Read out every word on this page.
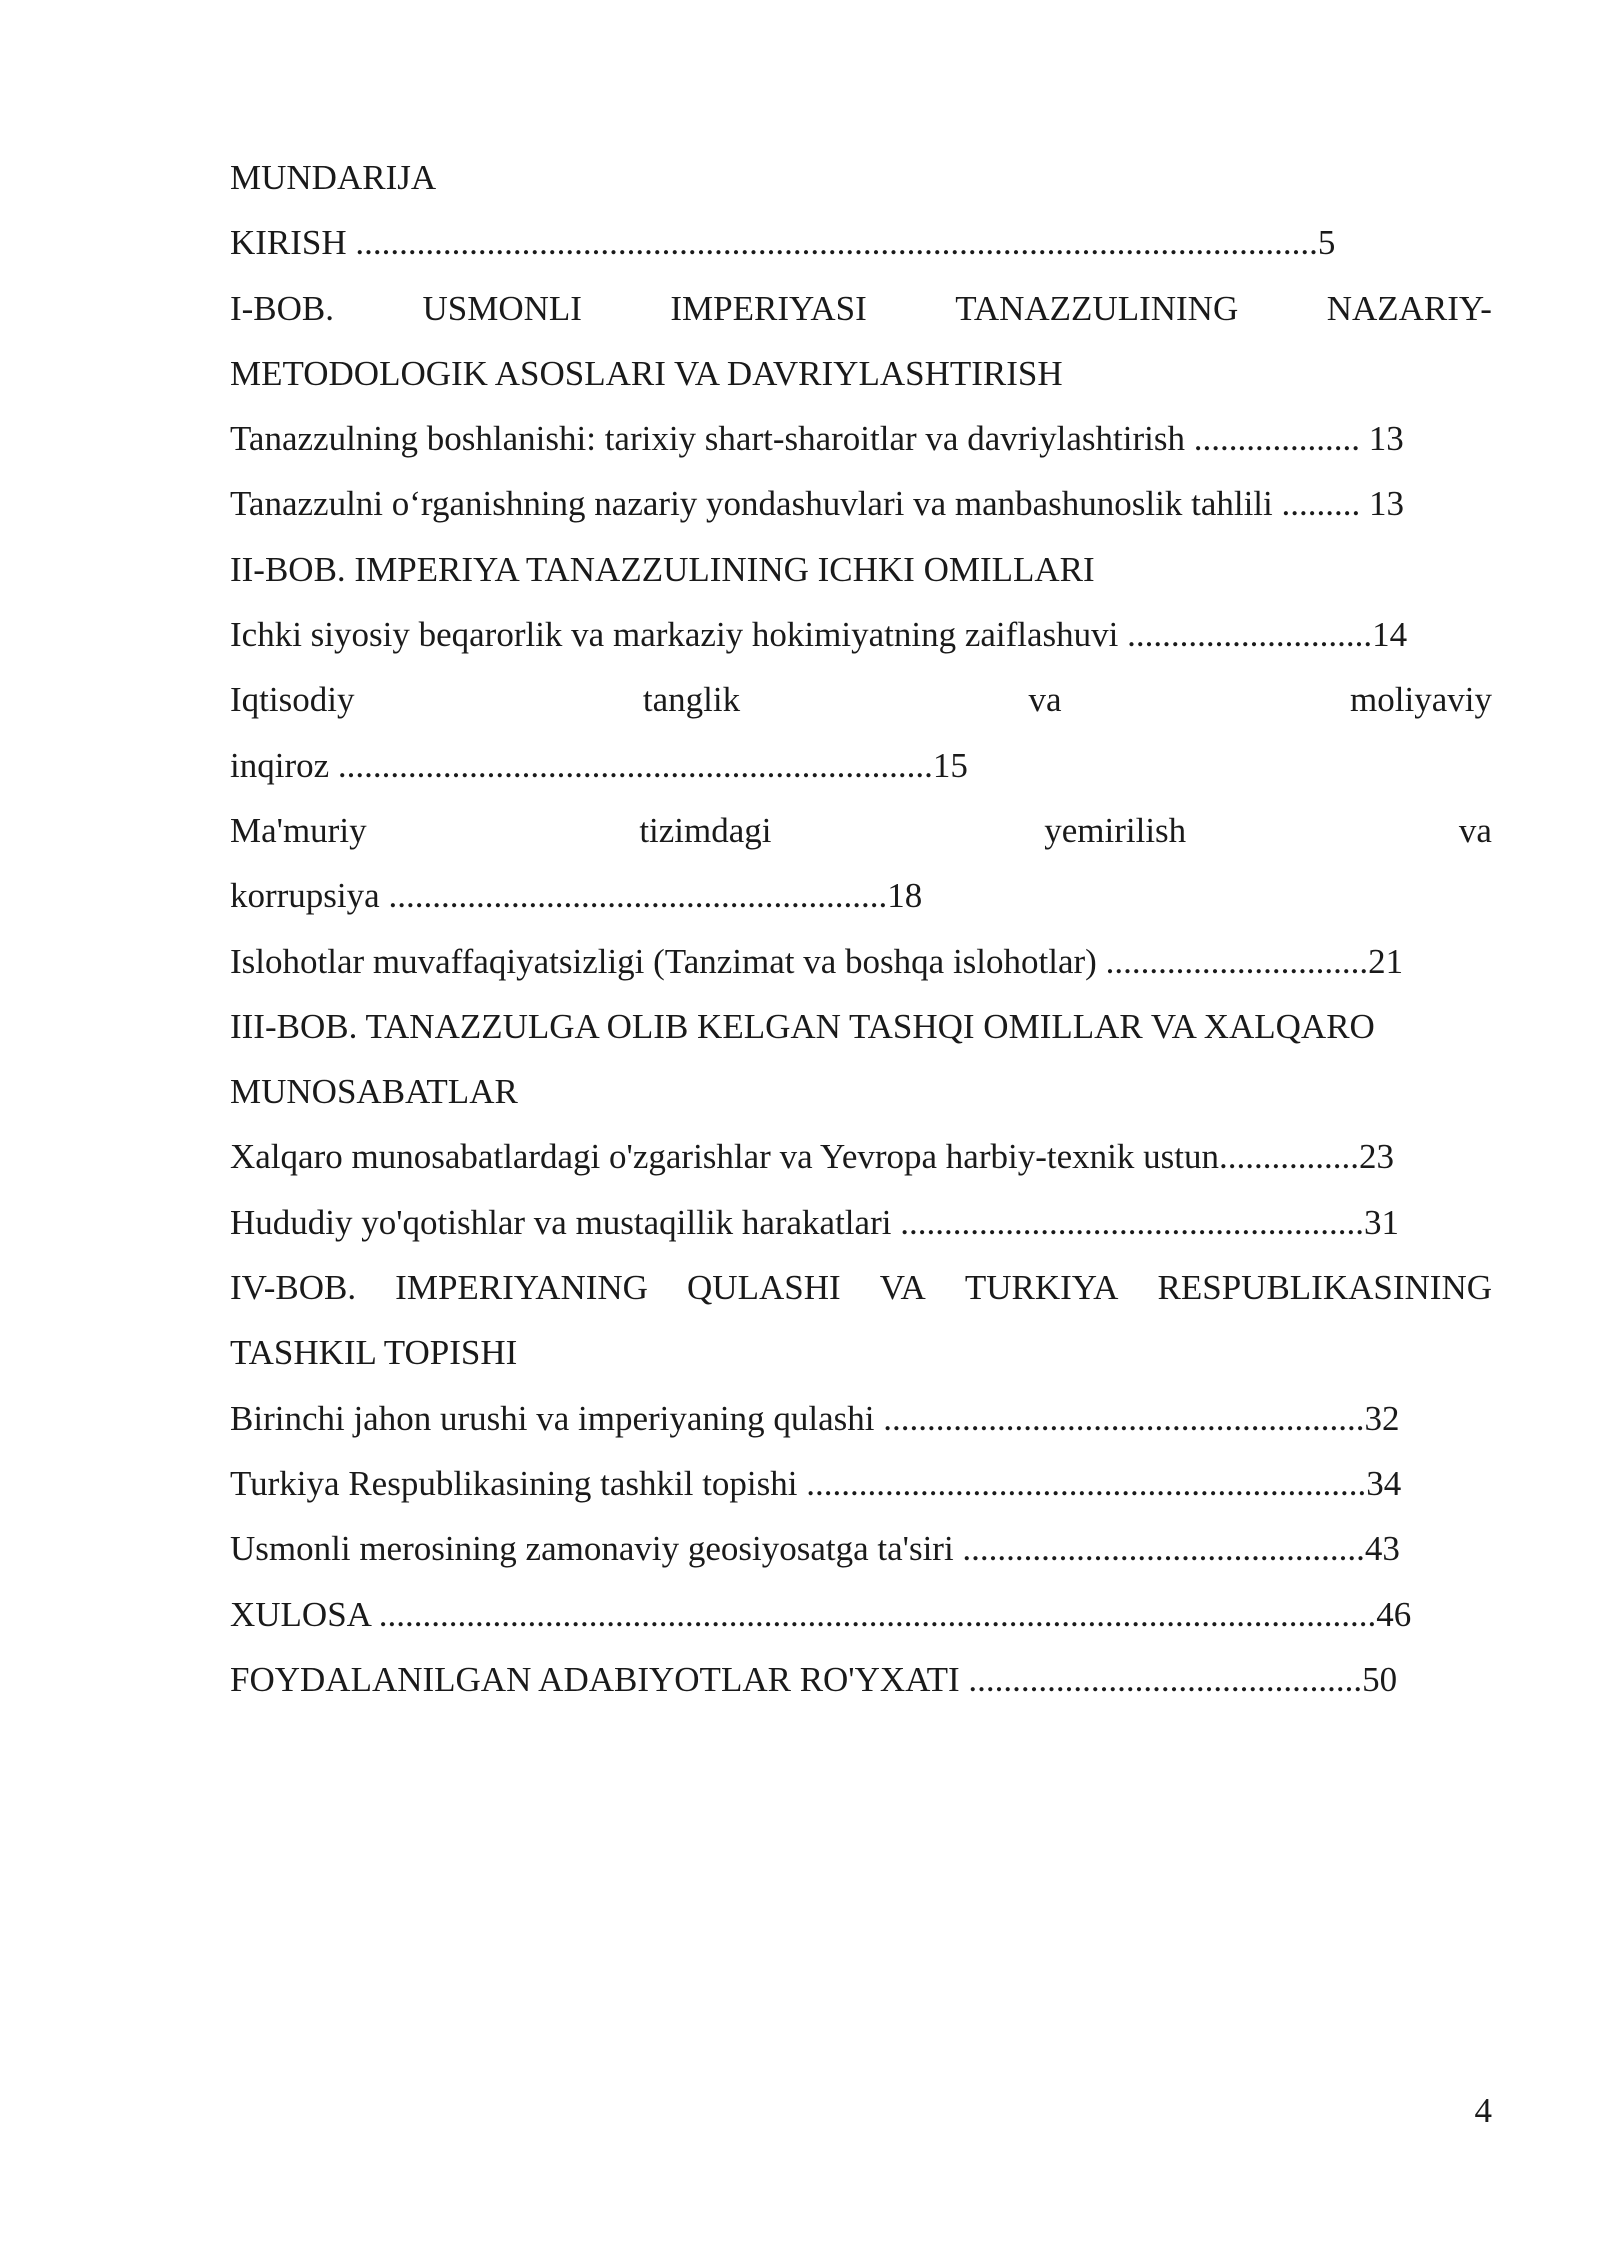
MUNDARIJA
KIRISH ..............................................................................................................5
I-BOB.	USMONLI	IMPERIYASI	TANAZZULINING	NAZARIY-
METODOLOGIK ASOSLARI VA DAVRIYLASHTIRISH
Tanazzulning boshlanishi: tarixiy shart-sharoitlar va davriylashtirish ................... 13
Tanazzulni o‘rganishning nazariy yondashuvlari va manbashunoslik tahlili ......... 13
II-BOB. IMPERIYA TANAZZULINING ICHKI OMILLARI
Ichki siyosiy beqarorlik va markaziy hokimiyatning zaiflashuvi ............................14
Iqtisodiy	tanglik	va	moliyaviy
inqiroz ....................................................................15
Ma'muriy	tizimdagi	yemirilish	va
korrupsiya .........................................................18
Islohotlar muvaffaqiyatsizligi (Tanzimat va boshqa islohotlar) ..............................21
III-BOB. TANAZZULGA OLIB KELGAN TASHQI OMILLAR VA XALQARO
MUNOSABATLAR
Xalqaro munosabatlardagi o'zgarishlar va Yevropa harbiy-texnik ustun................23
Hududiy yo'qotishlar va mustaqillik harakatlari .....................................................31
IV-BOB. IMPERIYANING QULASHI VA TURKIYA RESPUBLIKASINING
TASHKIL TOPISHI
Birinchi jahon urushi va imperiyaning qulashi .......................................................32
Turkiya Respublikasining tashkil topishi ................................................................34
Usmonli merosining zamonaviy geosiyosatga ta'siri ..............................................43
XULOSA ..................................................................................................................46
FOYDALANILGAN ADABIYOTLAR RO'YXATI .............................................50
4
